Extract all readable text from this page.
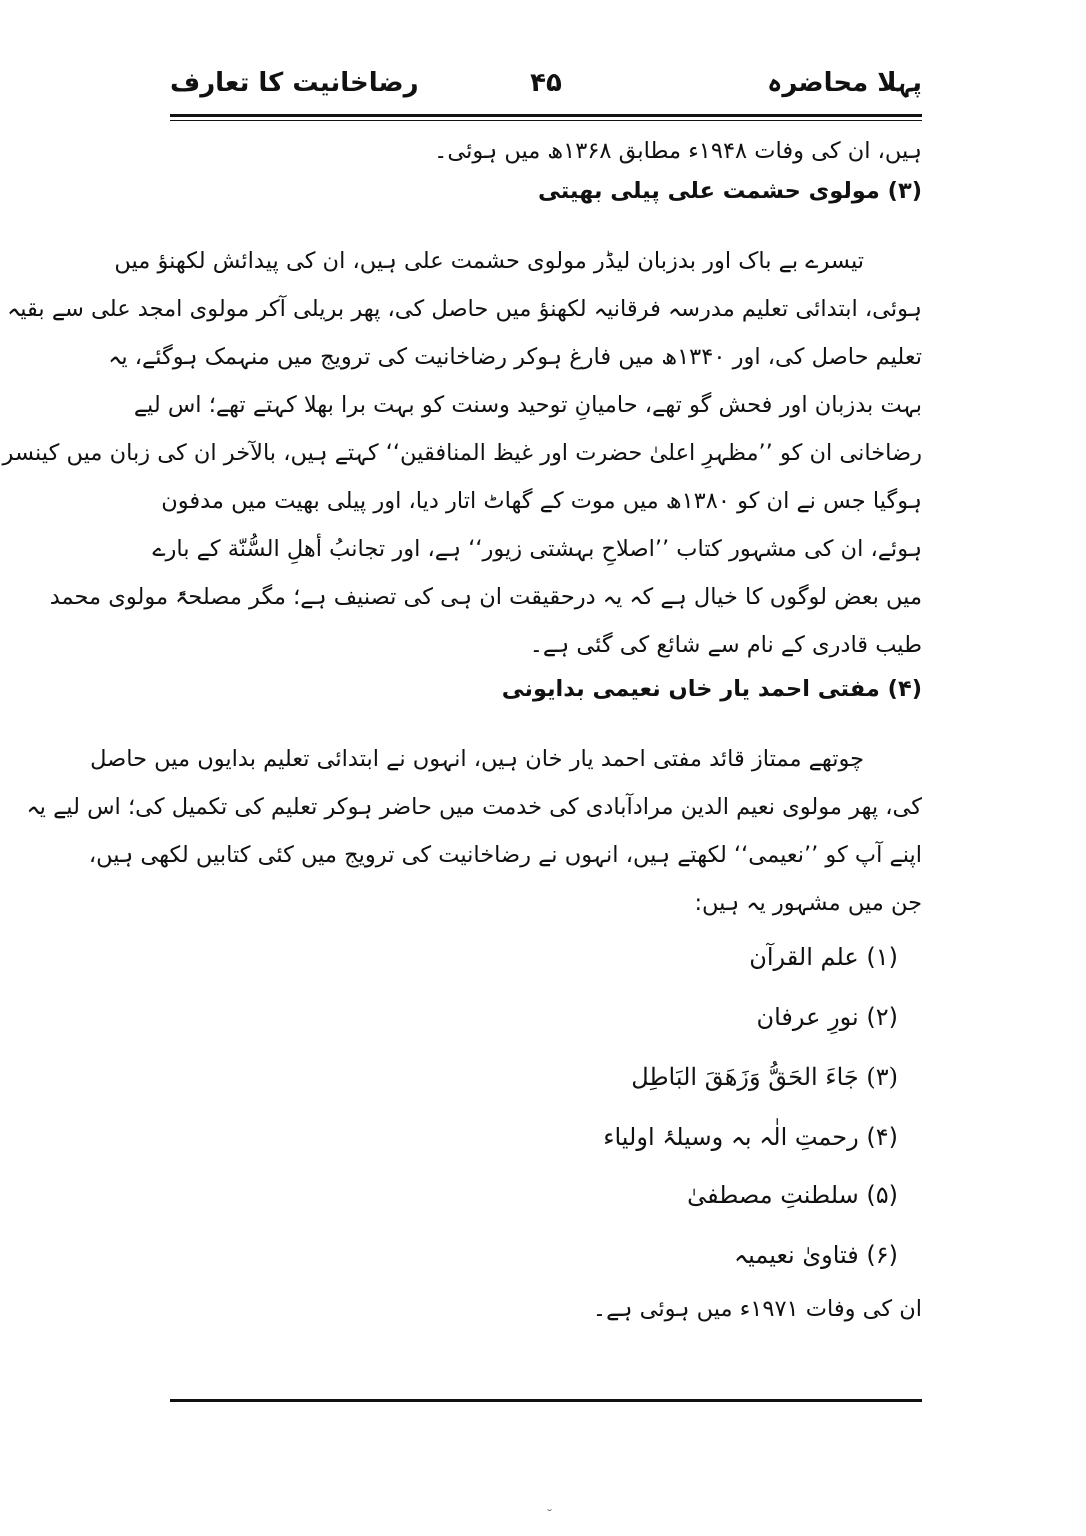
پہلا محاضرہ
۴۵
رضاخانیت کا تعارف
ہیں، ان کی وفات ۱۹۴۸ء مطابق ۱۳۶۸ھ میں ہوئی۔
(۳) مولوی حشمت علی پیلی بھیتی
تیسرے بے باک اور بدزبان لیڈر مولوی حشمت علی ہیں، ان کی پیدائش لکھنؤ میں
ہوئی، ابتدائی تعلیم مدرسہ فرقانیہ لکھنؤ میں حاصل کی، پھر بریلی آکر مولوی امجد علی سے بقیہ
تعلیم حاصل کی، اور ۱۳۴۰ھ میں فارغ ہوکر رضاخانیت کی ترویج میں منہمک ہوگئے، یہ
بہت بدزبان اور فحش گو تھے، حامیانِ توحید وسنت کو بہت برا بھلا کہتے تھے؛ اس لیے
رضاخانی ان کو ’’مظہرِ اعلیٰ حضرت اور غیظ المنافقین‘‘ کہتے ہیں، بالآخر ان کی زبان میں کینسر
ہوگیا جس نے ان کو ۱۳۸۰ھ میں موت کے گھاٹ اتار دیا، اور پیلی بھیت میں مدفون
ہوئے، ان کی مشہور کتاب ’’اصلاحِ بہشتی زیور‘‘ ہے، اور تجانبُ أھلِ السُّنّة کے بارے
میں بعض لوگوں کا خیال ہے کہ یہ درحقیقت ان ہی کی تصنیف ہے؛ مگر مصلحۃً مولوی محمد
طیب قادری کے نام سے شائع کی گئی ہے۔
(۴) مفتی احمد یار خاں نعیمی بدایونی
چوتھے ممتاز قائد مفتی احمد یار خان ہیں، انہوں نے ابتدائی تعلیم بدایوں میں حاصل
کی، پھر مولوی نعیم الدین مرادآبادی کی خدمت میں حاضر ہوکر تعلیم کی تکمیل کی؛ اس لیے یہ
اپنے آپ کو ’’نعیمی‘‘ لکھتے ہیں، انہوں نے رضاخانیت کی ترویج میں کئی کتابیں لکھی ہیں،
جن میں مشہور یہ ہیں:
(۱) علم القرآن
(۲) نورِ عرفان
(۳) جَاءَ الحَقُّ وَزَهَقَ البَاطِل
(۴) رحمتِ الٰہ بہ وسیلۂ اولیاء
(۵) سلطنتِ مصطفیٰ
(۶) فتاویٰ نعیمیہ
ان کی وفات ۱۹۷۱ء میں ہوئی ہے۔
˘
